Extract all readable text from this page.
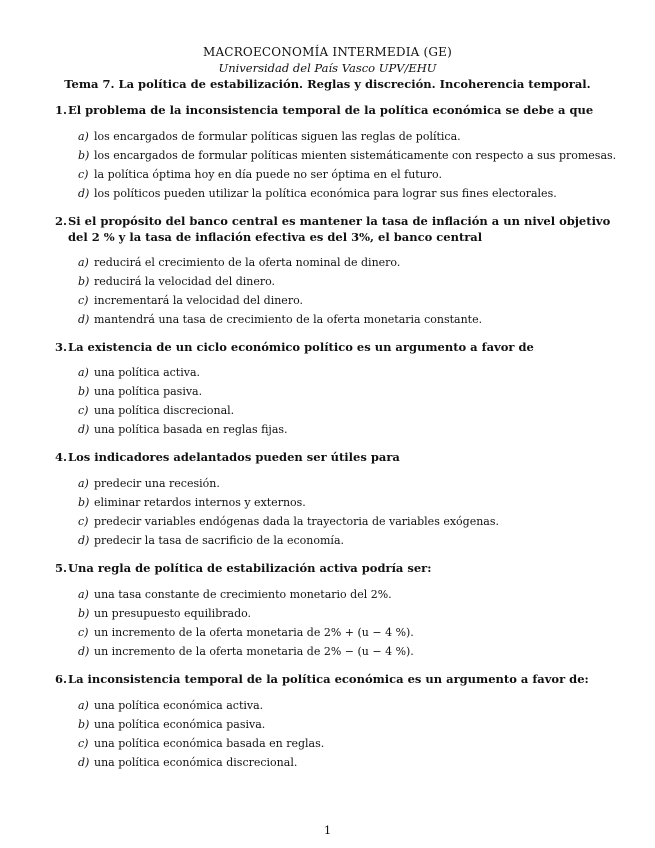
MACROECONOMÍA INTERMEDIA (GE)
Universidad del País Vasco UPV/EHU
Tema 7. La política de estabilización. Reglas y discreción. Incoherencia temporal.
1. El problema de la inconsistencia temporal de la política económica se debe a que
a) los encargados de formular políticas siguen las reglas de política.
b) los encargados de formular políticas mienten sistemáticamente con respecto a sus promesas.
c) la política óptima hoy en día puede no ser óptima en el futuro.
d) los políticos pueden utilizar la política económica para lograr sus fines electorales.
2. Si el propósito del banco central es mantener la tasa de inflación a un nivel objetivo del 2 % y la tasa de inflación efectiva es del 3%, el banco central
a) reducirá el crecimiento de la oferta nominal de dinero.
b) reducirá la velocidad del dinero.
c) incrementará la velocidad del dinero.
d) mantendrá una tasa de crecimiento de la oferta monetaria constante.
3. La existencia de un ciclo económico político es un argumento a favor de
a) una política activa.
b) una política pasiva.
c) una política discrecional.
d) una política basada en reglas fijas.
4. Los indicadores adelantados pueden ser útiles para
a) predecir una recesión.
b) eliminar retardos internos y externos.
c) predecir variables endógenas dada la trayectoria de variables exógenas.
d) predecir la tasa de sacrificio de la economía.
5. Una regla de política de estabilización activa podría ser:
a) una tasa constante de crecimiento monetario del 2%.
b) un presupuesto equilibrado.
c) un incremento de la oferta monetaria de 2% + (u − 4 %).
d) un incremento de la oferta monetaria de 2% − (u − 4 %).
6. La inconsistencia temporal de la política económica es un argumento a favor de:
a) una política económica activa.
b) una política económica pasiva.
c) una política económica basada en reglas.
d) una política económica discrecional.
1
